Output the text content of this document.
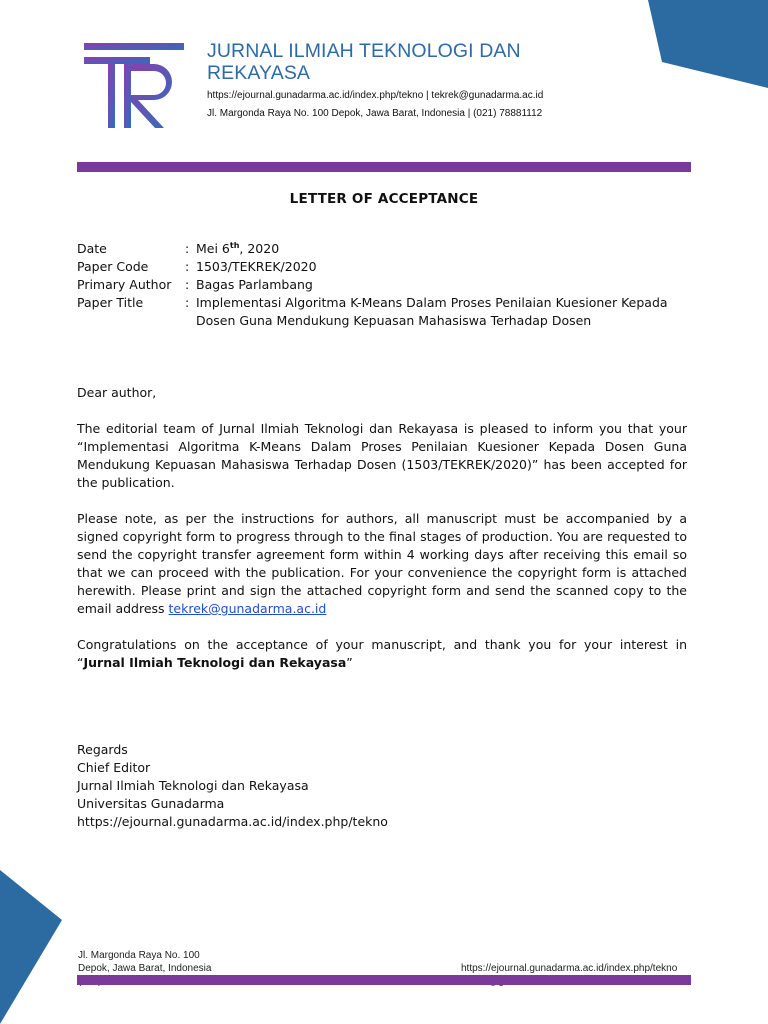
JURNAL ILMIAH TEKNOLOGI DAN REKAYASA
https://ejournal.gunadarma.ac.id/index.php/tekno | tekrek@gunadarma.ac.id
Jl. Margonda Raya No. 100 Depok, Jawa Barat, Indonesia | (021) 78881112
LETTER OF ACCEPTANCE
Date	: Mei 6th, 2020
Paper Code	: 1503/TEKREK/2020
Primary Author	: Bagas Parlambang
Paper Title	: Implementasi Algoritma K-Means Dalam Proses Penilaian Kuesioner Kepada Dosen Guna Mendukung Kepuasan Mahasiswa Terhadap Dosen

Dear author,

The editorial team of Jurnal Ilmiah Teknologi dan Rekayasa is pleased to inform you that your “Implementasi Algoritma K-Means Dalam Proses Penilaian Kuesioner Kepada Dosen Guna Mendukung Kepuasan Mahasiswa Terhadap Dosen (1503/TEKREK/2020)” has been accepted for the publication.

Please note, as per the instructions for authors, all manuscript must be accompanied by a signed copyright form to progress through to the final stages of production. You are requested to send the copyright transfer agreement form within 4 working days after receiving this email so that we can proceed with the publication. For your convenience the copyright form is attached herewith. Please print and sign the attached copyright form and send the scanned copy to the email address tekrek@gunadarma.ac.id

Congratulations on the acceptance of your manuscript, and thank you for your interest in “Jurnal Ilmiah Teknologi dan Rekayasa”

Regards
Chief Editor
Jurnal Ilmiah Teknologi dan Rekayasa
Universitas Gunadarma
https://ejournal.gunadarma.ac.id/index.php/tekno
Jl. Margonda Raya No. 100
Depok, Jawa Barat, Indonesia	https://ejournal.gunadarma.ac.id/index.php/tekno
